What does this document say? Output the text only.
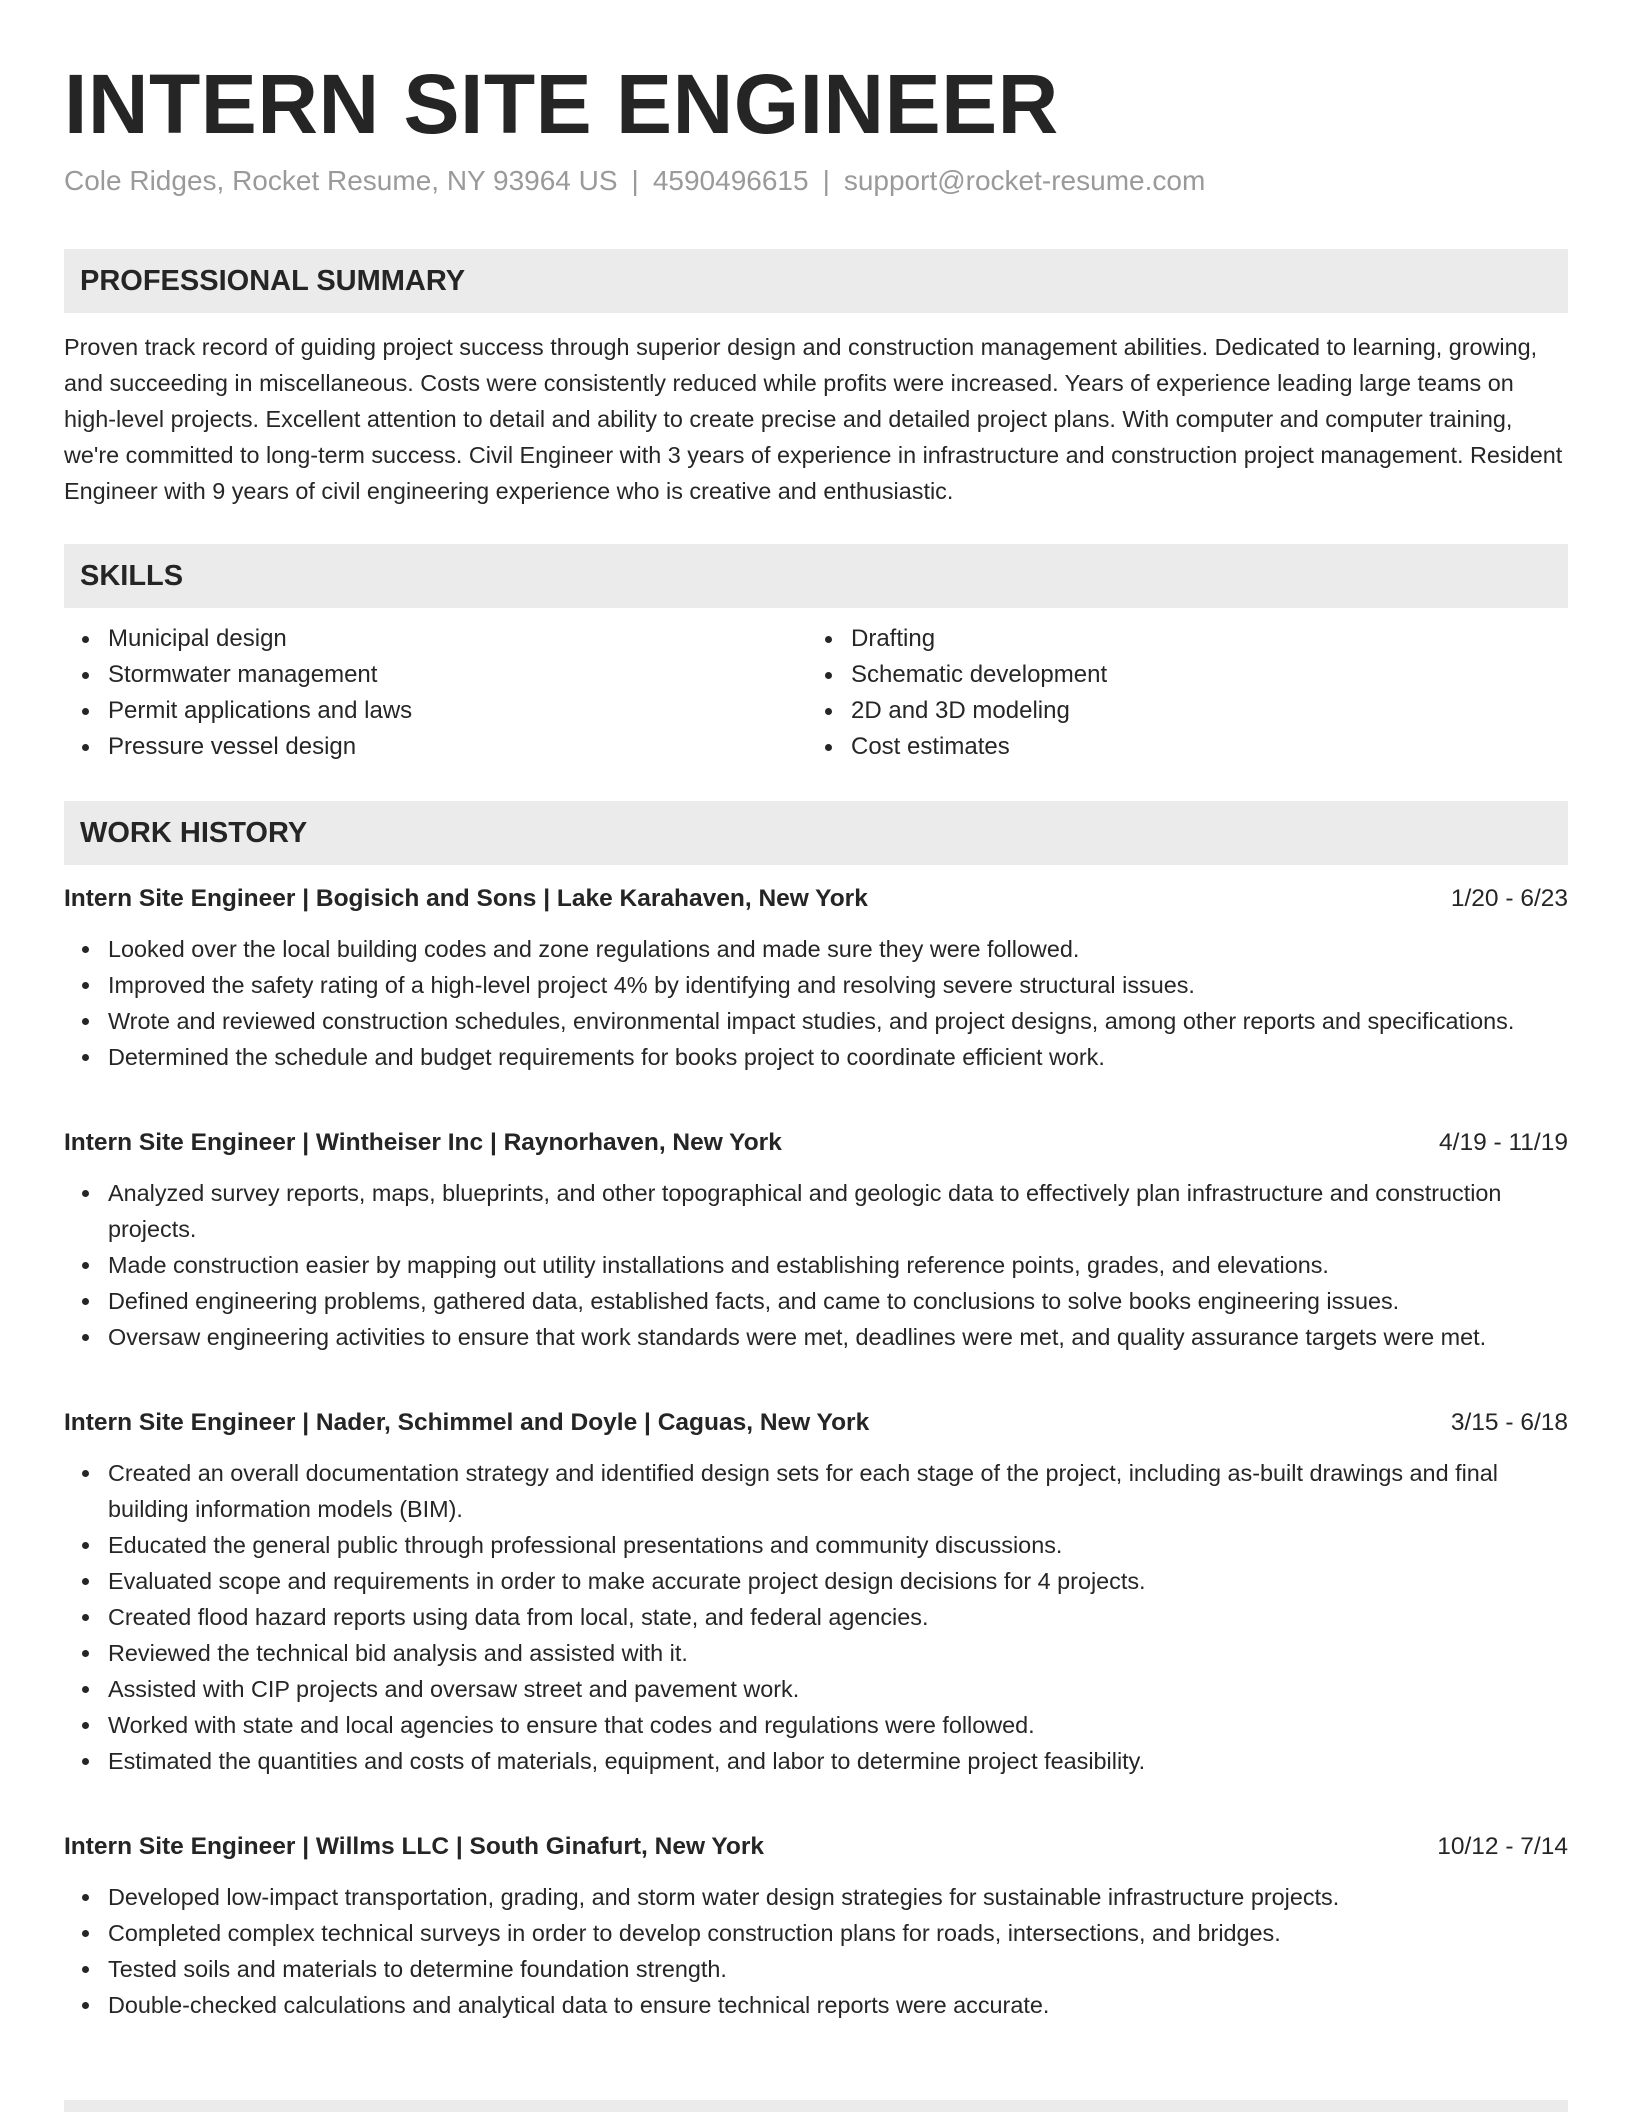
INTERN SITE ENGINEER
Cole Ridges, Rocket Resume, NY 93964 US | 4590496615 | support@rocket-resume.com
PROFESSIONAL SUMMARY
Proven track record of guiding project success through superior design and construction management abilities. Dedicated to learning, growing, and succeeding in miscellaneous. Costs were consistently reduced while profits were increased. Years of experience leading large teams on high-level projects. Excellent attention to detail and ability to create precise and detailed project plans. With computer and computer training, we're committed to long-term success. Civil Engineer with 3 years of experience in infrastructure and construction project management. Resident Engineer with 9 years of civil engineering experience who is creative and enthusiastic.
SKILLS
Municipal design
Stormwater management
Permit applications and laws
Pressure vessel design
Drafting
Schematic development
2D and 3D modeling
Cost estimates
WORK HISTORY
Intern Site Engineer | Bogisich and Sons | Lake Karahaven, New York	1/20 - 6/23
Looked over the local building codes and zone regulations and made sure they were followed.
Improved the safety rating of a high-level project 4% by identifying and resolving severe structural issues.
Wrote and reviewed construction schedules, environmental impact studies, and project designs, among other reports and specifications.
Determined the schedule and budget requirements for books project to coordinate efficient work.
Intern Site Engineer | Wintheiser Inc | Raynorhaven, New York	4/19 - 11/19
Analyzed survey reports, maps, blueprints, and other topographical and geologic data to effectively plan infrastructure and construction projects.
Made construction easier by mapping out utility installations and establishing reference points, grades, and elevations.
Defined engineering problems, gathered data, established facts, and came to conclusions to solve books engineering issues.
Oversaw engineering activities to ensure that work standards were met, deadlines were met, and quality assurance targets were met.
Intern Site Engineer | Nader, Schimmel and Doyle | Caguas, New York	3/15 - 6/18
Created an overall documentation strategy and identified design sets for each stage of the project, including as-built drawings and final building information models (BIM).
Educated the general public through professional presentations and community discussions.
Evaluated scope and requirements in order to make accurate project design decisions for 4 projects.
Created flood hazard reports using data from local, state, and federal agencies.
Reviewed the technical bid analysis and assisted with it.
Assisted with CIP projects and oversaw street and pavement work.
Worked with state and local agencies to ensure that codes and regulations were followed.
Estimated the quantities and costs of materials, equipment, and labor to determine project feasibility.
Intern Site Engineer | Willms LLC | South Ginafurt, New York	10/12 - 7/14
Developed low-impact transportation, grading, and storm water design strategies for sustainable infrastructure projects.
Completed complex technical surveys in order to develop construction plans for roads, intersections, and bridges.
Tested soils and materials to determine foundation strength.
Double-checked calculations and analytical data to ensure technical reports were accurate.
